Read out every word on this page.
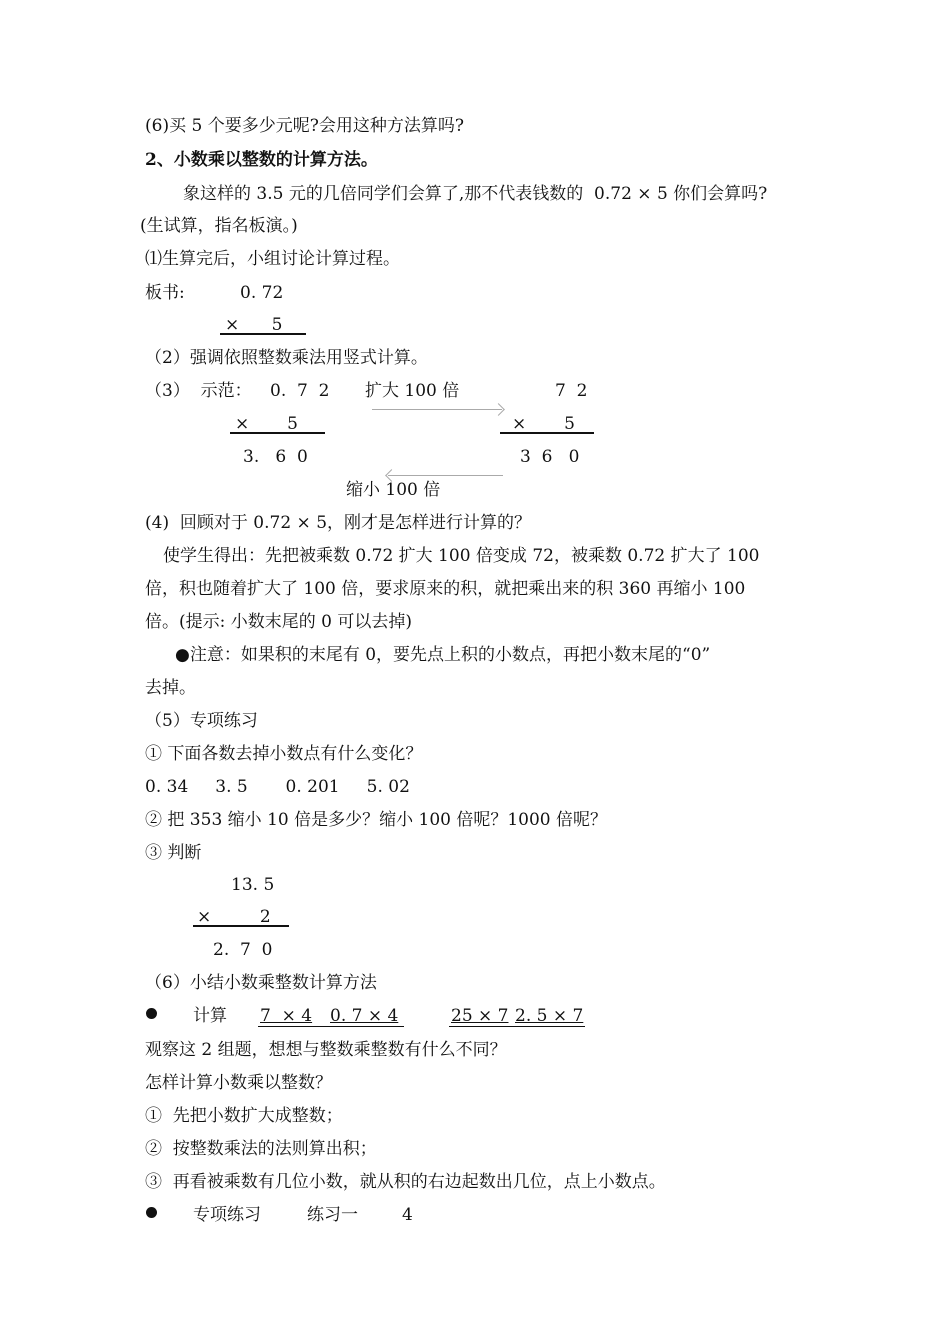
(6)买 5 个要多少元呢?会用这种方法算吗?
2、小数乘以整数的计算方法。
象这样的 3.5 元的几倍同学们会算了,那不代表钱数的  0.72 × 5 你们会算吗?
(生试算，指名板演。)
⑴生算完后，小组讨论计算过程。
板书:	0. 72
×      5
（2）强调依照整数乘法用竖式计算。
（3）  示范： 0.  7  2 扩大 100 倍	7  2
×       5	×       5
3.   6  0	3  6   0
缩小 100 倍
(4)  回顾对于 0.72 × 5，刚才是怎样进行计算的？
使学生得出：先把被乘数 0.72 扩大 100 倍变成 72，被乘数 0.72 扩大了 100
倍，积也随着扩大了 100 倍，要求原来的积，就把乘出来的积 360 再缩小 100
倍。(提示: 小数末尾的 0 可以去掉)
●注意：如果积的末尾有 0，要先点上积的小数点，再把小数末尾的“0”
去掉。
（5）专项练习
① 下面各数去掉小数点有什么变化？
0. 34     3. 5       0. 201     5. 02
② 把 353 缩小 10 倍是多少？缩小 100 倍呢？1000 倍呢？
③ 判断
13. 5
×         2
2.  7  0
（6）小结小数乘整数计算方法
计算 7  × 4 0. 7 × 4	25 × 7 2. 5 × 7
观察这 2 组题，想想与整数乘整数有什么不同？
怎样计算小数乘以整数？
①  先把小数扩大成整数；
②  按整数乘法的法则算出积；
③  再看被乘数有几位小数，就从积的右边起数出几位，点上小数点。
专项练习	练习一	4
